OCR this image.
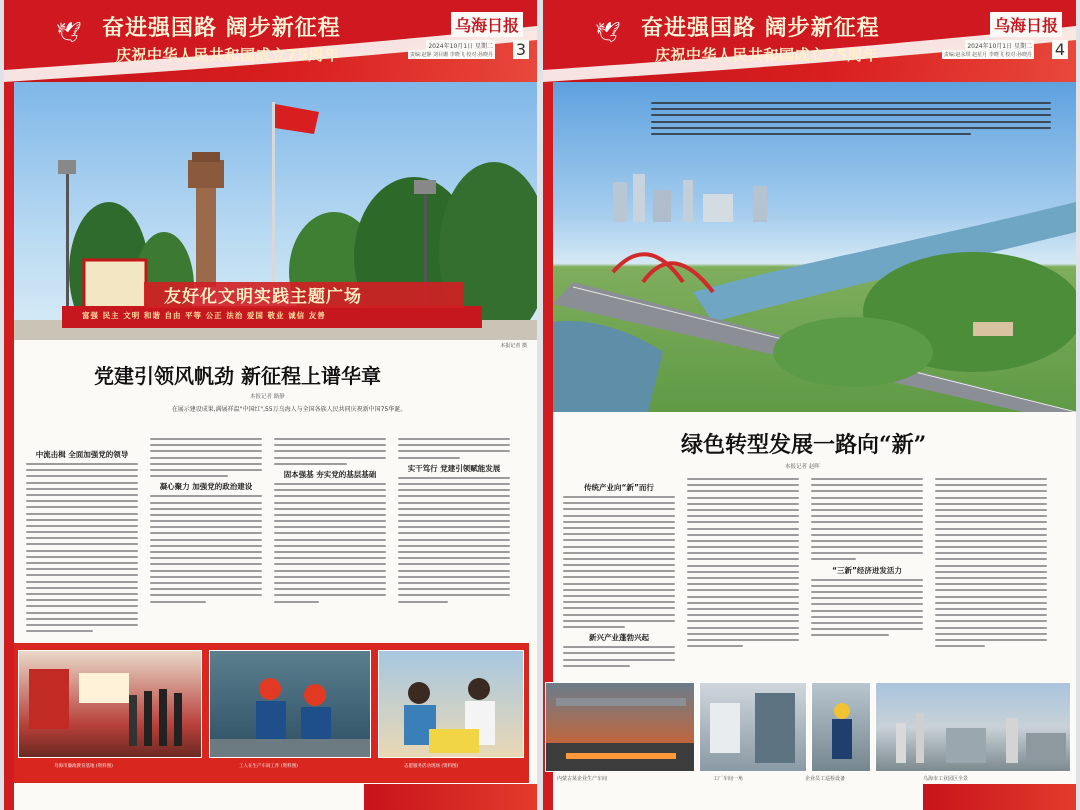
🕊 奋进强国路 阔步新征程
庆祝中华人民共和国成立75周年
乌海日报
2024年10月1日 星期二
责编:赵静 刘目姗 李晓飞 校对:孙晓丹 3
友好化文明实践主题广场
富强 民主 文明 和谐 自由 平等 公正 法治 爱国 敬业 诚信 友善
本报记者 摄
党建引领风帆劲 新征程上谱华章
本报记者 路静
在展示建设成果,满展祥温"中国红",55万乌海人与全国各族人民共同庆祝新中国75华诞。
中流击楫 全面加强党的领导
凝心聚力 加强党的政治建设
固本强基 夯实党的基层基础
实干笃行 党建引领赋能发展
乌海市廉政教育基地 (资料图)	工人在生产车间工作 (资料图)	志愿服务活动现场 (资料图)
🕊 奋进强国路 阔步新征程
庆祝中华人民共和国成立75周年
乌海日报
2024年10月1日 星期二
责编:赵永琪 赵星月 李晓飞 校对:孙晓丹 4
绿色转型发展一路向“新”
本报记者 赵晖
传统产业向“新”而行
新兴产业蓬勃兴起
“三新”经济迸发活力
内蒙古某企业生产车间	工厂车间一角	企业员工巡检设备	乌海市工业园区全景
